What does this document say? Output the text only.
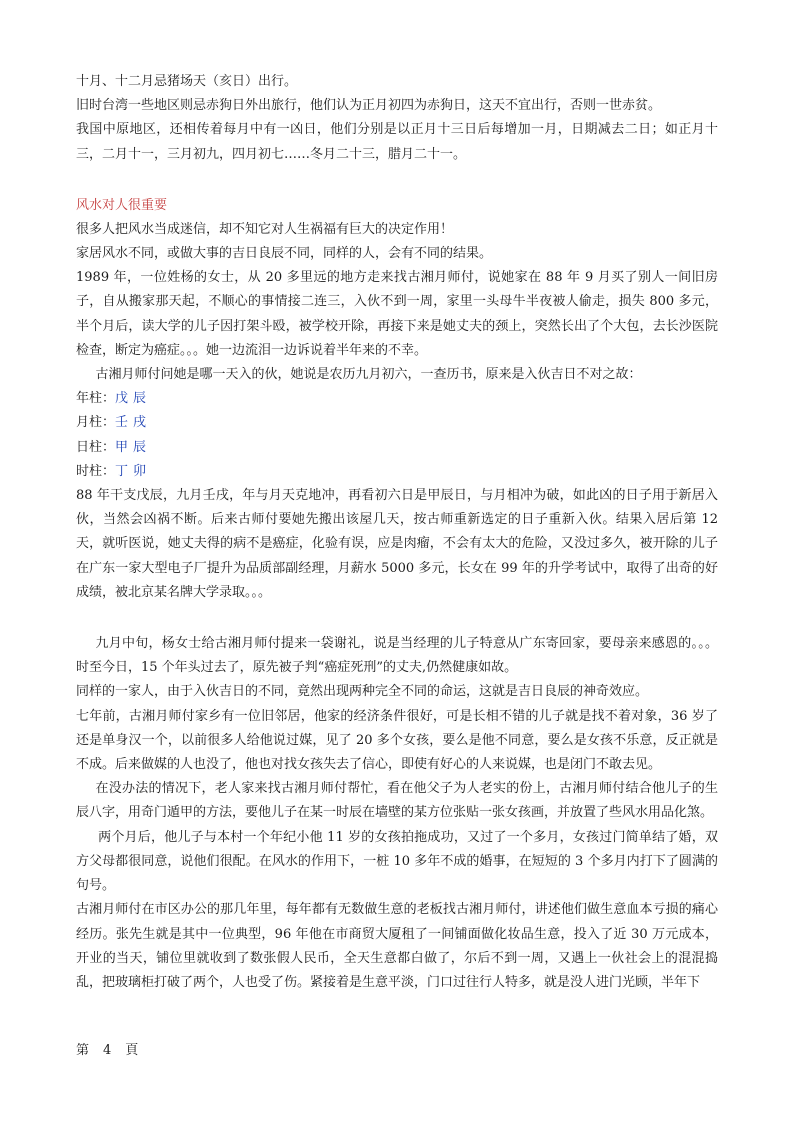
十月、十二月忌猪场天（亥日）出行。

旧时台湾一些地区则忌赤狗日外出旅行，他们认为正月初四为赤狗日，这天不宜出行，否则一世赤贫。

我国中原地区，还相传着每月中有一凶日，他们分别是以正月十三日后每增加一月，日期减去二日；如正月十三，二月十一，三月初九，四月初七……冬月二十三，腊月二十一。

风水对人很重要

很多人把风水当成迷信，却不知它对人生祸福有巨大的决定作用！

家居风水不同，或做大事的吉日良辰不同，同样的人，会有不同的结果。

1989 年，一位姓杨的女士，从 20 多里远的地方走来找古湘月师付，说她家在 88 年 9 月买了别人一间旧房子，自从搬家那天起，不顺心的事情接二连三，入伙不到一周，家里一头母牛半夜被人偷走，损失 800 多元，半个月后，读大学的儿子因打架斗殴，被学校开除，再接下来是她丈夫的颈上，突然长出了个大包，去长沙医院检查，断定为癌症。。。她一边流泪一边诉说着半年来的不幸。

古湘月师付问她是哪一天入的伙，她说是农历九月初六，一查历书，原来是入伙吉日不对之故：

年柱：戊辰

月柱：壬戌

日柱：甲辰

时柱：丁卯

88 年干支戊辰，九月壬戌，年与月天克地冲，再看初六日是甲辰日，与月相冲为破，如此凶的日子用于新居入伙，当然会凶祸不断。后来古师付要她先搬出该屋几天，按古师重新选定的日子重新入伙。结果入居后第 12 天，就听医说，她丈夫得的病不是癌症，化验有误，应是肉瘤，不会有太大的危险，又没过多久，被开除的儿子在广东一家大型电子厂提升为品质部副经理，月薪水 5000 多元，长女在 99 年的升学考试中，取得了出奇的好成绩，被北京某名牌大学录取。。。

九月中旬，杨女士给古湘月师付提来一袋谢礼，说是当经理的儿子特意从广东寄回家，要母亲来感恩的。。。时至今日，15 个年头过去了，原先被子判“癌症死刑”的丈夫,仍然健康如故。

同样的一家人，由于入伙吉日的不同，竟然出现两种完全不同的命运，这就是吉日良辰的神奇效应。

七年前，古湘月师付家乡有一位旧邻居，他家的经济条件很好，可是长相不错的儿子就是找不着对象，36 岁了还是单身汉一个，以前很多人给他说过媒，见了 20 多个女孩，要么是他不同意，要么是女孩不乐意，反正就是不成。后来做媒的人也没了，他也对找女孩失去了信心，即使有好心的人来说媒，也是闭门不敢去见。

在没办法的情况下，老人家来找古湘月师付帮忙，看在他父子为人老实的份上，古湘月师付结合他儿子的生辰八字，用奇门遁甲的方法，要他儿子在某一时辰在墙壁的某方位张贴一张女孩画，并放置了些风水用品化煞。

两个月后，他儿子与本村一个年纪小他 11 岁的女孩拍拖成功，又过了一个多月，女孩过门简单结了婚，双方父母都很同意，说他们很配。在风水的作用下，一桩 10 多年不成的婚事，在短短的 3 个多月内打下了圆满的句号。

古湘月师付在市区办公的那几年里，每年都有无数做生意的老板找古湘月师付，讲述他们做生意血本亏损的痛心经历。张先生就是其中一位典型，96 年他在市商贸大厦租了一间铺面做化妆品生意，投入了近 30 万元成本，开业的当天，铺位里就收到了数张假人民币，全天生意都白做了，尔后不到一周，又遇上一伙社会上的混混捣乱，把玻璃柜打破了两个，人也受了伤。紧接着是生意平淡，门口过往行人特多，就是没人进门光顾，半年下

第 4 頁
